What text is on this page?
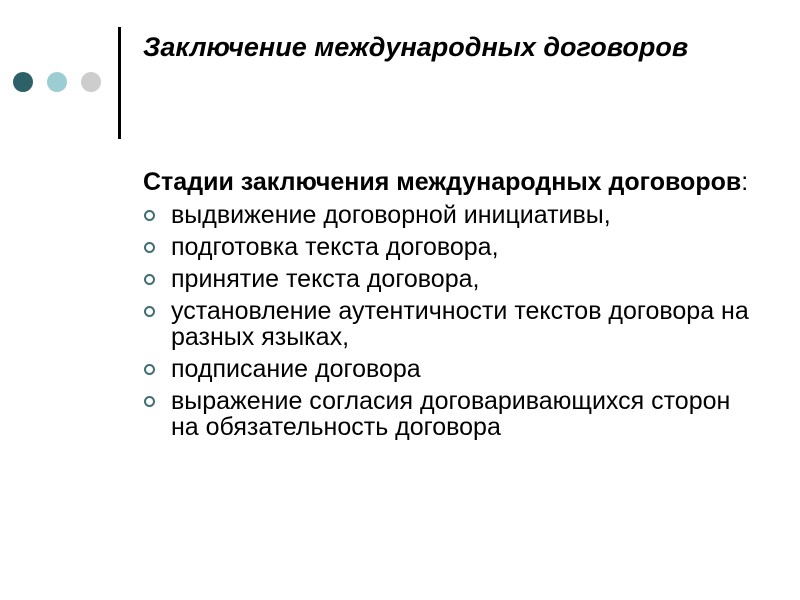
Заключение международных договоров

Стадии заключения международных договоров:

выдвижение договорной инициативы,
подготовка текста договора,
принятие текста договора,
установление аутентичности текстов договора на разных языках,
подписание договора
выражение согласия договаривающихся сторон на обязательность договора
